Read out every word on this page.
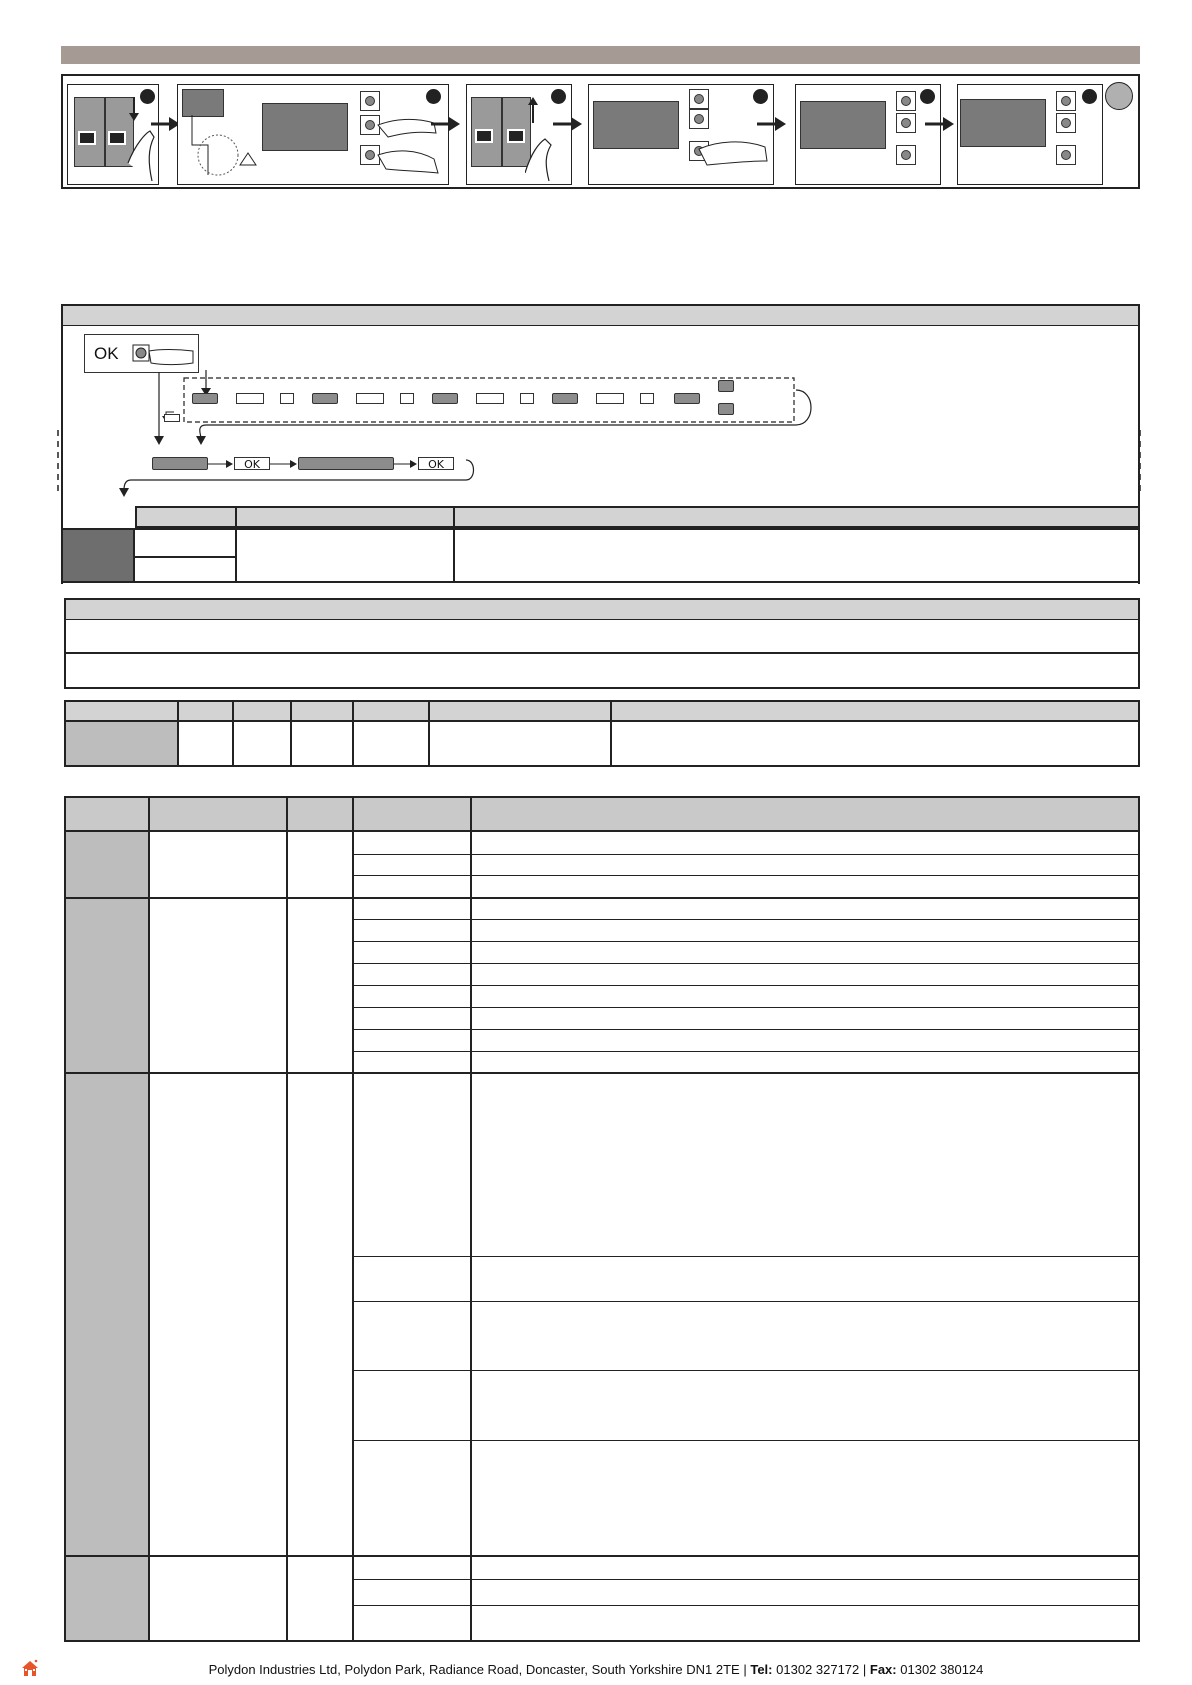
OK
OK	OK
Polydon Industries Ltd, Polydon Park, Radiance Road, Doncaster, South Yorkshire DN1 2TE | Tel: 01302 327172 | Fax: 01302 380124
